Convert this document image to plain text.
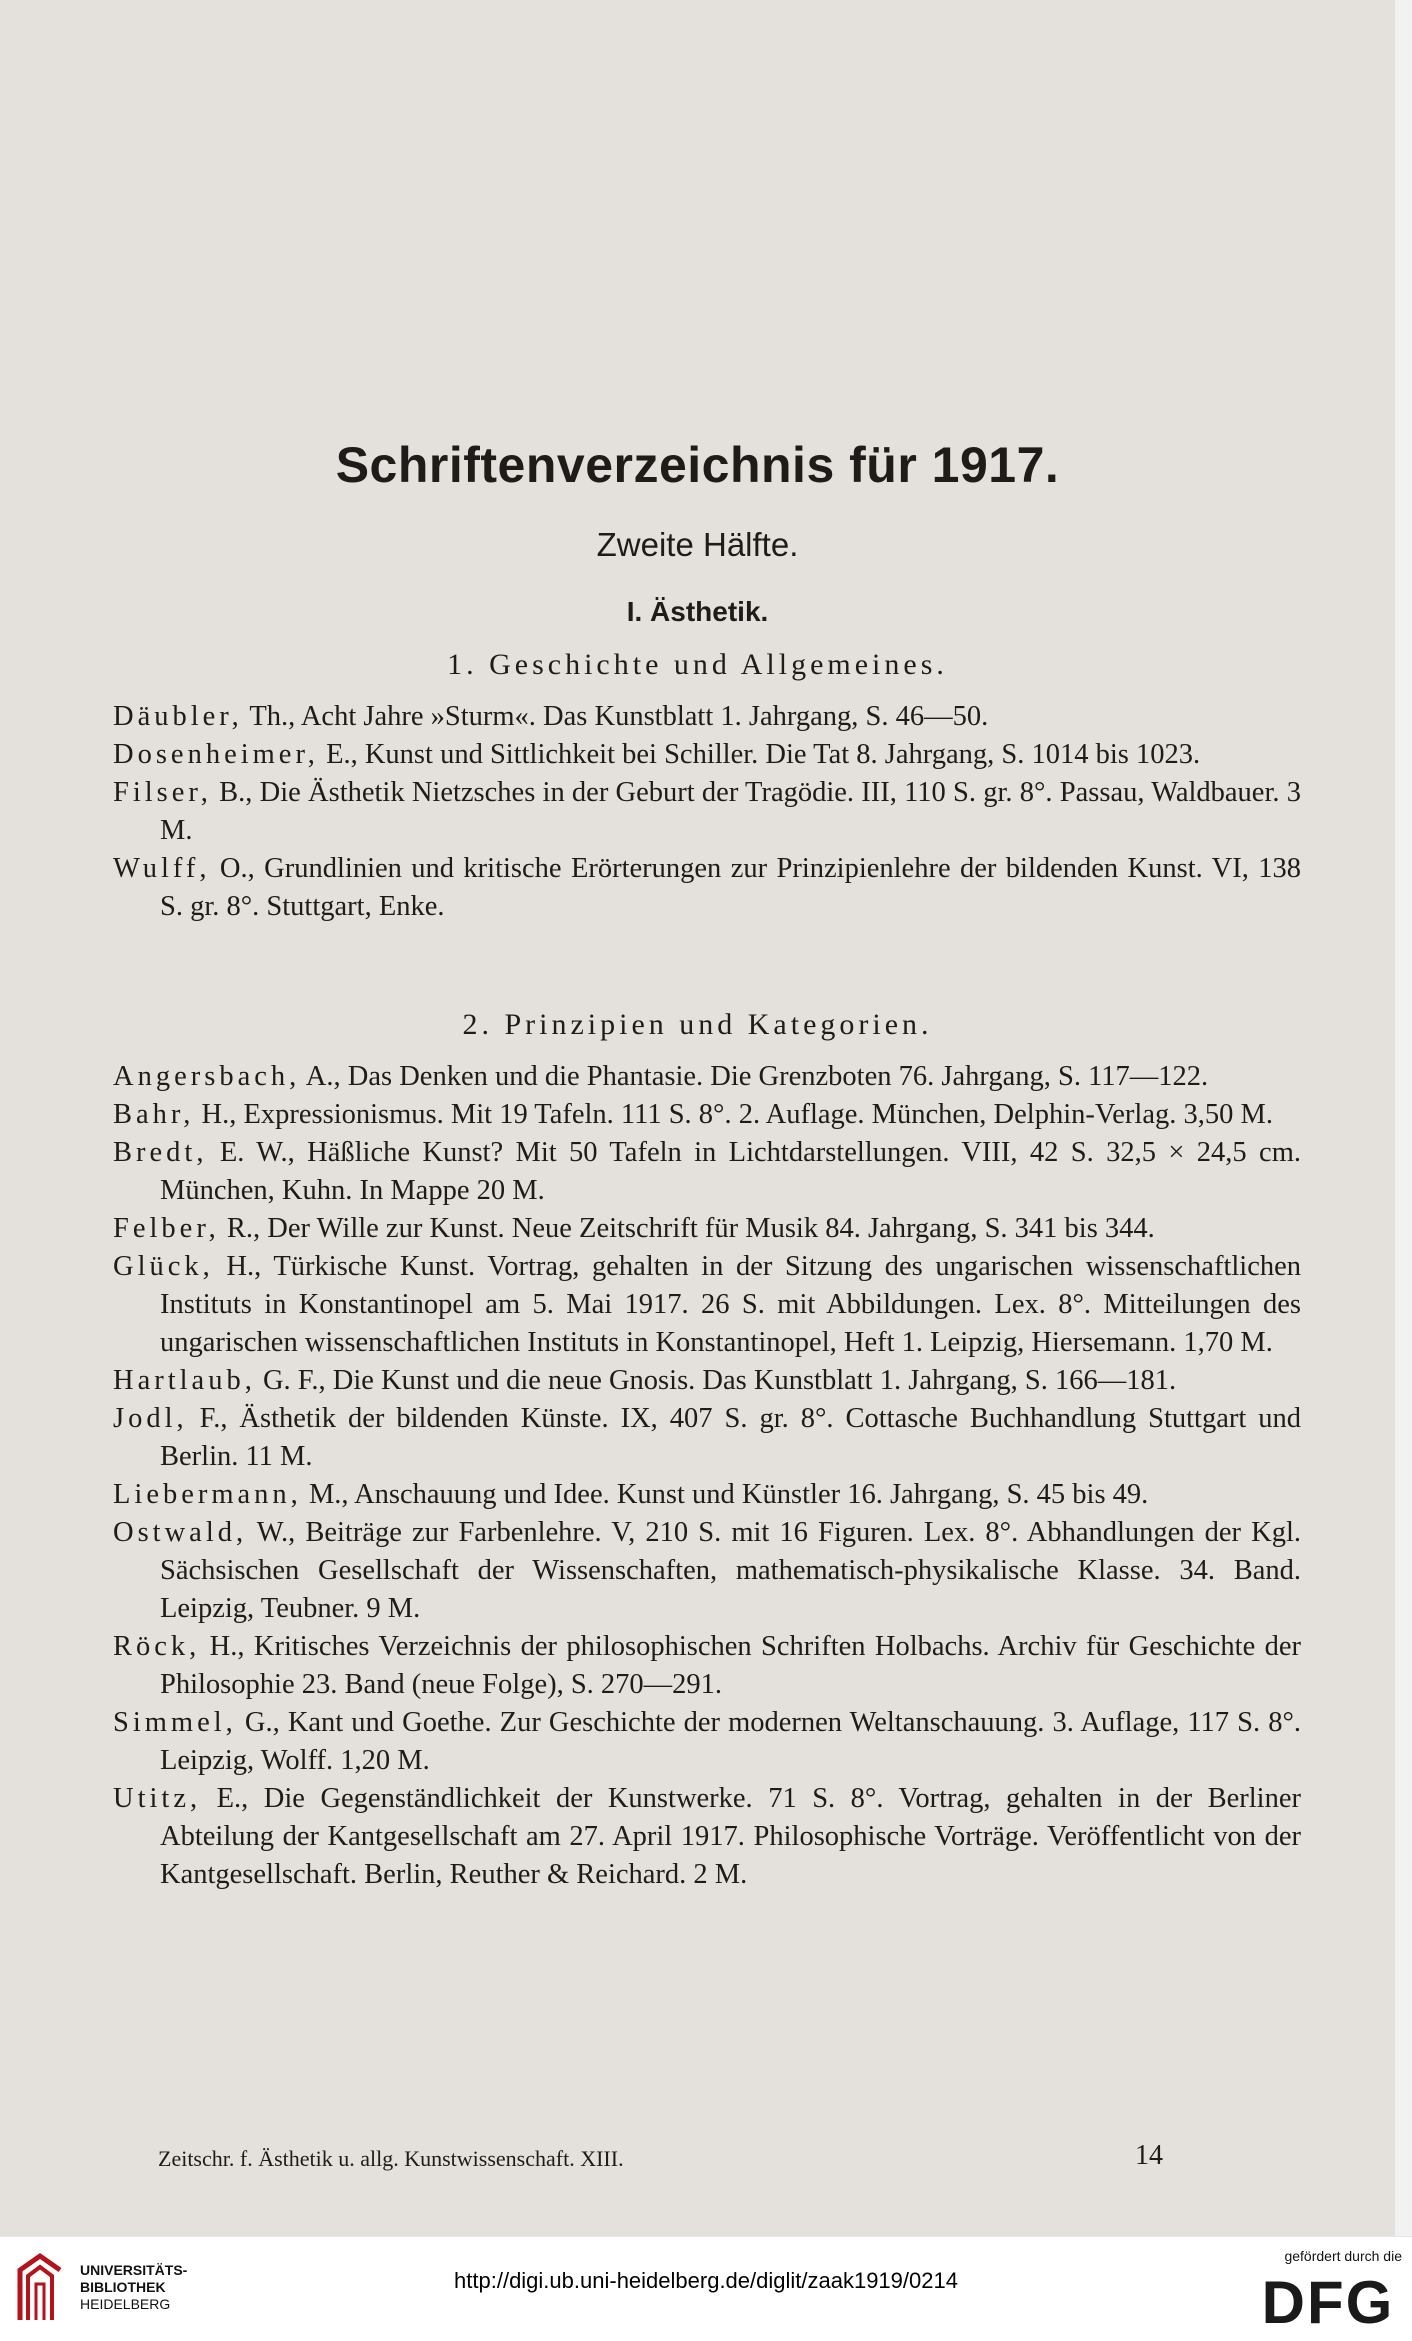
Schriftenverzeichnis für 1917.
Zweite Hälfte.
I. Ästhetik.
1. Geschichte und Allgemeines.
Däubler, Th., Acht Jahre »Sturm«. Das Kunstblatt 1. Jahrgang, S. 46—50.
Dosenheimer, E., Kunst und Sittlichkeit bei Schiller. Die Tat 8. Jahrgang, S. 1014 bis 1023.
Filser, B., Die Ästhetik Nietzsches in der Geburt der Tragödie. III, 110 S. gr. 8°. Passau, Waldbauer. 3 M.
Wulff, O., Grundlinien und kritische Erörterungen zur Prinzipienlehre der bildenden Kunst. VI, 138 S. gr. 8°. Stuttgart, Enke.
2. Prinzipien und Kategorien.
Angersbach, A., Das Denken und die Phantasie. Die Grenzboten 76. Jahrgang, S. 117—122.
Bahr, H., Expressionismus. Mit 19 Tafeln. 111 S. 8°. 2. Auflage. München, Delphin-Verlag. 3,50 M.
Bredt, E. W., Häßliche Kunst? Mit 50 Tafeln in Lichtdarstellungen. VIII, 42 S. 32,5 × 24,5 cm. München, Kuhn. In Mappe 20 M.
Felber, R., Der Wille zur Kunst. Neue Zeitschrift für Musik 84. Jahrgang, S. 341 bis 344.
Glück, H., Türkische Kunst. Vortrag, gehalten in der Sitzung des ungarischen wissenschaftlichen Instituts in Konstantinopel am 5. Mai 1917. 26 S. mit Abbildungen. Lex. 8°. Mitteilungen des ungarischen wissenschaftlichen Instituts in Konstantinopel, Heft 1. Leipzig, Hiersemann. 1,70 M.
Hartlaub, G. F., Die Kunst und die neue Gnosis. Das Kunstblatt 1. Jahrgang, S. 166—181.
Jodl, F., Ästhetik der bildenden Künste. IX, 407 S. gr. 8°. Cottasche Buchhandlung Stuttgart und Berlin. 11 M.
Liebermann, M., Anschauung und Idee. Kunst und Künstler 16. Jahrgang, S. 45 bis 49.
Ostwald, W., Beiträge zur Farbenlehre. V, 210 S. mit 16 Figuren. Lex. 8°. Abhandlungen der Kgl. Sächsischen Gesellschaft der Wissenschaften, mathematisch-physikalische Klasse. 34. Band. Leipzig, Teubner. 9 M.
Röck, H., Kritisches Verzeichnis der philosophischen Schriften Holbachs. Archiv für Geschichte der Philosophie 23. Band (neue Folge), S. 270—291.
Simmel, G., Kant und Goethe. Zur Geschichte der modernen Weltanschauung. 3. Auflage, 117 S. 8°. Leipzig, Wolff. 1,20 M.
Utitz, E., Die Gegenständlichkeit der Kunstwerke. 71 S. 8°. Vortrag, gehalten in der Berliner Abteilung der Kantgesellschaft am 27. April 1917. Philosophische Vorträge. Veröffentlicht von der Kantgesellschaft. Berlin, Reuther & Reichard. 2 M.
Zeitschr. f. Ästhetik u. allg. Kunstwissenschaft. XIII.	14
UNIVERSITÄTS-
BIBLIOTHEK
HEIDELBERG
http://digi.ub.uni-heidelberg.de/diglit/zaak1919/0214
gefördert durch die
DFG
